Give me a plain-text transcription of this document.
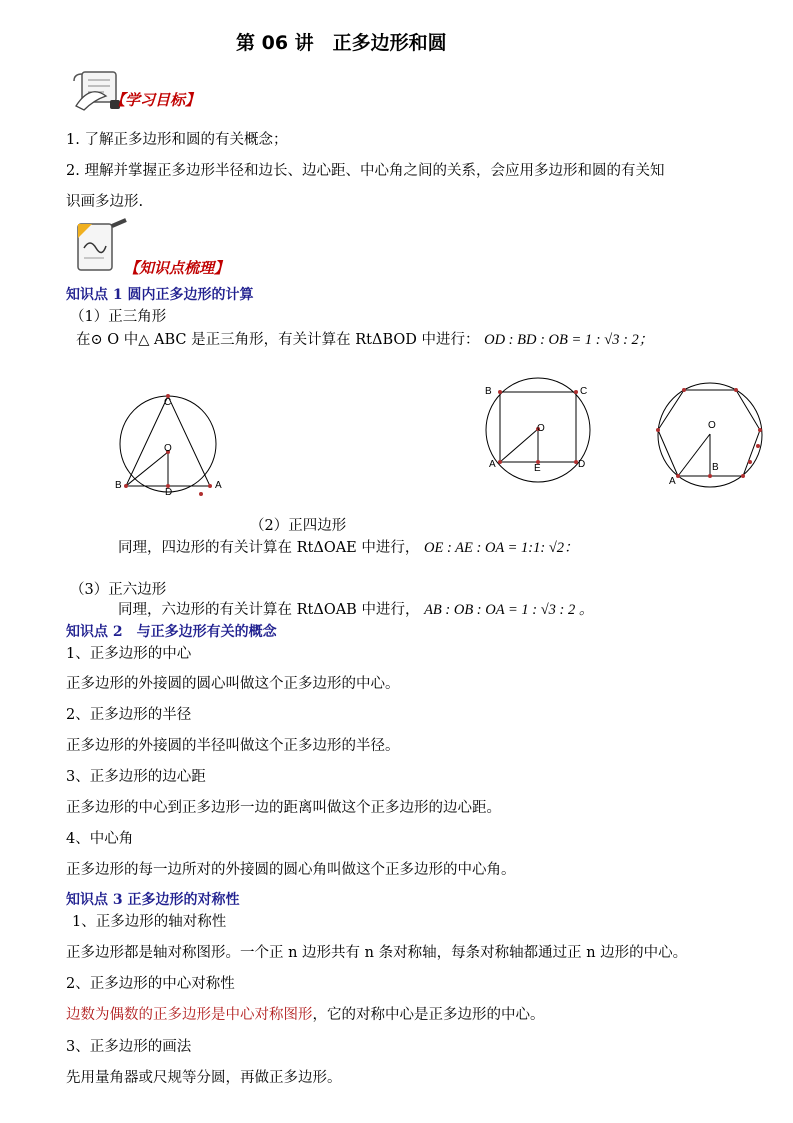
第 06 讲　正多边形和圆
【学习目标】
1. 了解正多边形和圆的有关概念；
2. 理解并掌握正多边形半径和边长、边心距、中心角之间的关系，会应用多边形和圆的有关知
识画多边形.
【知识点梳理】
知识点 1 圆内正多边形的计算
（1）正三角形
在⊙ O 中△ ABC 是正三角形，有关计算在 RtΔBOD 中进行： OD : BD : OB = 1 : √3 : 2；
C
O
B
D
A
B	C
O
A	E	D
O
A
B
（2）正四边形
同理，四边形的有关计算在 RtΔOAE 中进行， OE : AE : OA = 1:1: √2：
（3）正六边形
同理，六边形的有关计算在 RtΔOAB 中进行， AB : OB : OA = 1 : √3 : 2 。
知识点 2　与正多边形有关的概念
1、正多边形的中心
正多边形的外接圆的圆心叫做这个正多边形的中心。
2、正多边形的半径
正多边形的外接圆的半径叫做这个正多边形的半径。
3、正多边形的边心距
正多边形的中心到正多边形一边的距离叫做这个正多边形的边心距。
4、中心角
正多边形的每一边所对的外接圆的圆心角叫做这个正多边形的中心角。
知识点 3 正多边形的对称性
1、正多边形的轴对称性
正多边形都是轴对称图形。一个正 n 边形共有 n 条对称轴，每条对称轴都通过正 n 边形的中心。
2、正多边形的中心对称性
边数为偶数的正多边形是中心对称图形，它的对称中心是正多边形的中心。
3、正多边形的画法
先用量角器或尺规等分圆，再做正多边形。
